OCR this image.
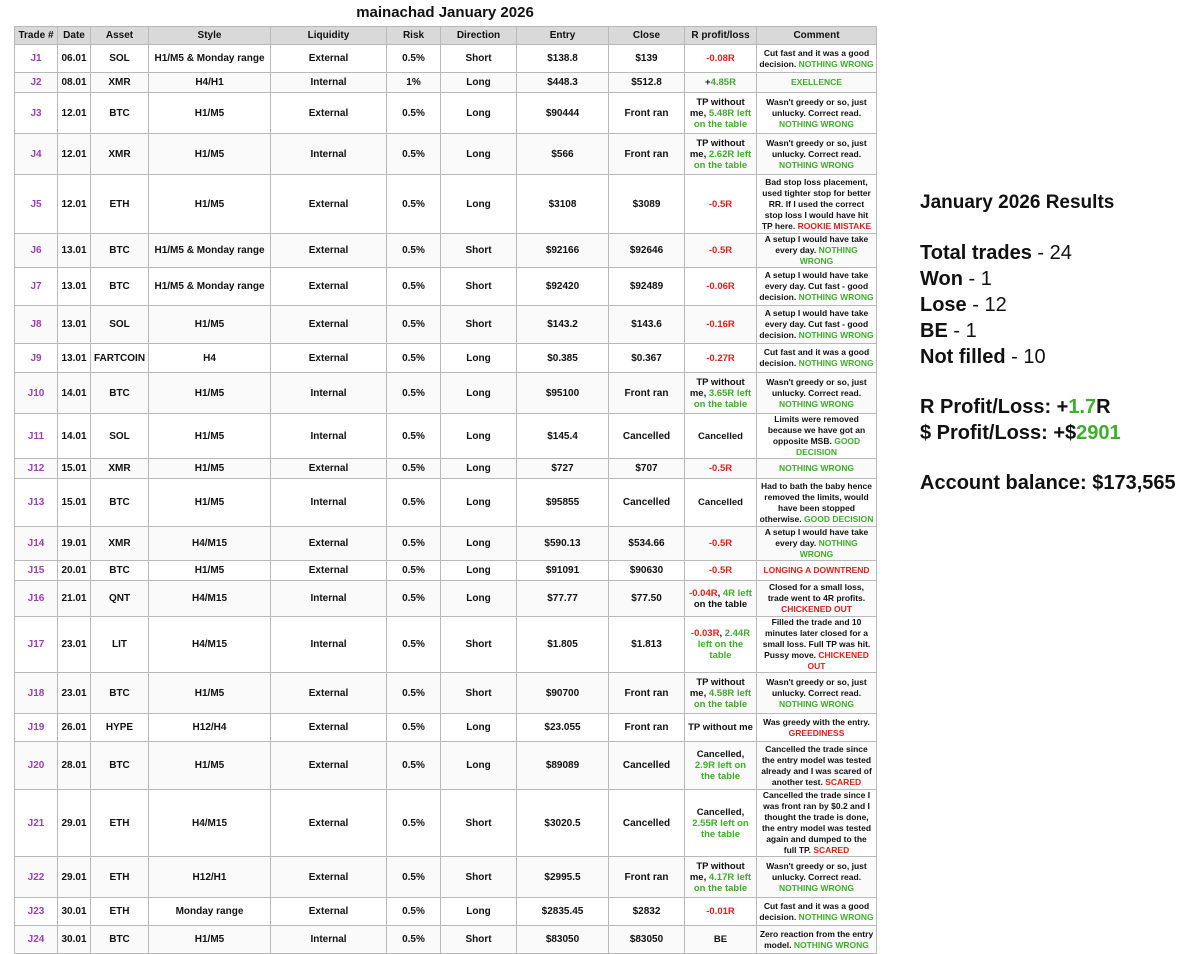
mainachad January 2026
Trade #	Date	Asset	Style	Liquidity	Risk	Direction	Entry	Close	R profit/loss	Comment
J1	06.01	SOL	H1/M5 & Monday range	External	0.5%	Short	$138.8	$139	-0.08R	Cut fast and it was a good decision. NOTHING WRONG
J2	08.01	XMR	H4/H1	Internal	1%	Long	$448.3	$512.8	+4.85R	EXELLENCE
J3	12.01	BTC	H1/M5	External	0.5%	Long	$90444	Front ran	TP without me, 5.48R left on the table	Wasn't greedy or so, just unlucky. Correct read. NOTHING WRONG
J4	12.01	XMR	H1/M5	Internal	0.5%	Long	$566	Front ran	TP without me, 2.62R left on the table	Wasn't greedy or so, just unlucky. Correct read. NOTHING WRONG
J5	12.01	ETH	H1/M5	External	0.5%	Long	$3108	$3089	-0.5R	Bad stop loss placement, used tighter stop for better RR. If I used the correct stop loss I would have hit TP here. ROOKIE MISTAKE
J6	13.01	BTC	H1/M5 & Monday range	External	0.5%	Short	$92166	$92646	-0.5R	A setup I would have take every day. NOTHING WRONG
J7	13.01	BTC	H1/M5 & Monday range	External	0.5%	Short	$92420	$92489	-0.06R	A setup I would have take every day. Cut fast - good decision. NOTHING WRONG
J8	13.01	SOL	H1/M5	External	0.5%	Short	$143.2	$143.6	-0.16R	A setup I would have take every day. Cut fast - good decision. NOTHING WRONG
J9	13.01	FARTCOIN	H4	External	0.5%	Long	$0.385	$0.367	-0.27R	Cut fast and it was a good decision. NOTHING WRONG
J10	14.01	BTC	H1/M5	Internal	0.5%	Long	$95100	Front ran	TP without me, 3.65R left on the table	Wasn't greedy or so, just unlucky. Correct read. NOTHING WRONG
J11	14.01	SOL	H1/M5	Internal	0.5%	Long	$145.4	Cancelled	Cancelled	Limits were removed because we have got an opposite MSB. GOOD DECISION
J12	15.01	XMR	H1/M5	External	0.5%	Long	$727	$707	-0.5R	NOTHING WRONG
J13	15.01	BTC	H1/M5	Internal	0.5%	Long	$95855	Cancelled	Cancelled	Had to bath the baby hence removed the limits, would have been stopped otherwise. GOOD DECISION
J14	19.01	XMR	H4/M15	External	0.5%	Long	$590.13	$534.66	-0.5R	A setup I would have take every day. NOTHING WRONG
J15	20.01	BTC	H1/M5	External	0.5%	Long	$91091	$90630	-0.5R	LONGING A DOWNTREND
J16	21.01	QNT	H4/M15	Internal	0.5%	Long	$77.77	$77.50	-0.04R, 4R left on the table	Closed for a small loss, trade went to 4R profits. CHICKENED OUT
J17	23.01	LIT	H4/M15	Internal	0.5%	Short	$1.805	$1.813	-0.03R, 2.44R left on the table	Filled the trade and 10 minutes later closed for a small loss. Full TP was hit. Pussy move. CHICKENED OUT
J18	23.01	BTC	H1/M5	External	0.5%	Short	$90700	Front ran	TP without me, 4.58R left on the table	Wasn't greedy or so, just unlucky. Correct read. NOTHING WRONG
J19	26.01	HYPE	H12/H4	External	0.5%	Long	$23.055	Front ran	TP without me	Was greedy with the entry. GREEDINESS
J20	28.01	BTC	H1/M5	External	0.5%	Long	$89089	Cancelled	Cancelled, 2.9R left on the table	Cancelled the trade since the entry model was tested already and I was scared of another test. SCARED
J21	29.01	ETH	H4/M15	External	0.5%	Short	$3020.5	Cancelled	Cancelled, 2.55R left on the table	Cancelled the trade since I was front ran by $0.2 and I thought the trade is done, the entry model was tested again and dumped to the full TP. SCARED
J22	29.01	ETH	H12/H1	External	0.5%	Short	$2995.5	Front ran	TP without me, 4.17R left on the table	Wasn't greedy or so, just unlucky. Correct read. NOTHING WRONG
J23	30.01	ETH	Monday range	External	0.5%	Long	$2835.45	$2832	-0.01R	Cut fast and it was a good decision. NOTHING WRONG
J24	30.01	BTC	H1/M5	Internal	0.5%	Short	$83050	$83050	BE	Zero reaction from the entry model. NOTHING WRONG
January 2026 Results
Total trades - 24
Won - 1
Lose - 12
BE - 1
Not filled - 10
R Profit/Loss: +1.7R
$ Profit/Loss: +$2901
Account balance: $173,565
